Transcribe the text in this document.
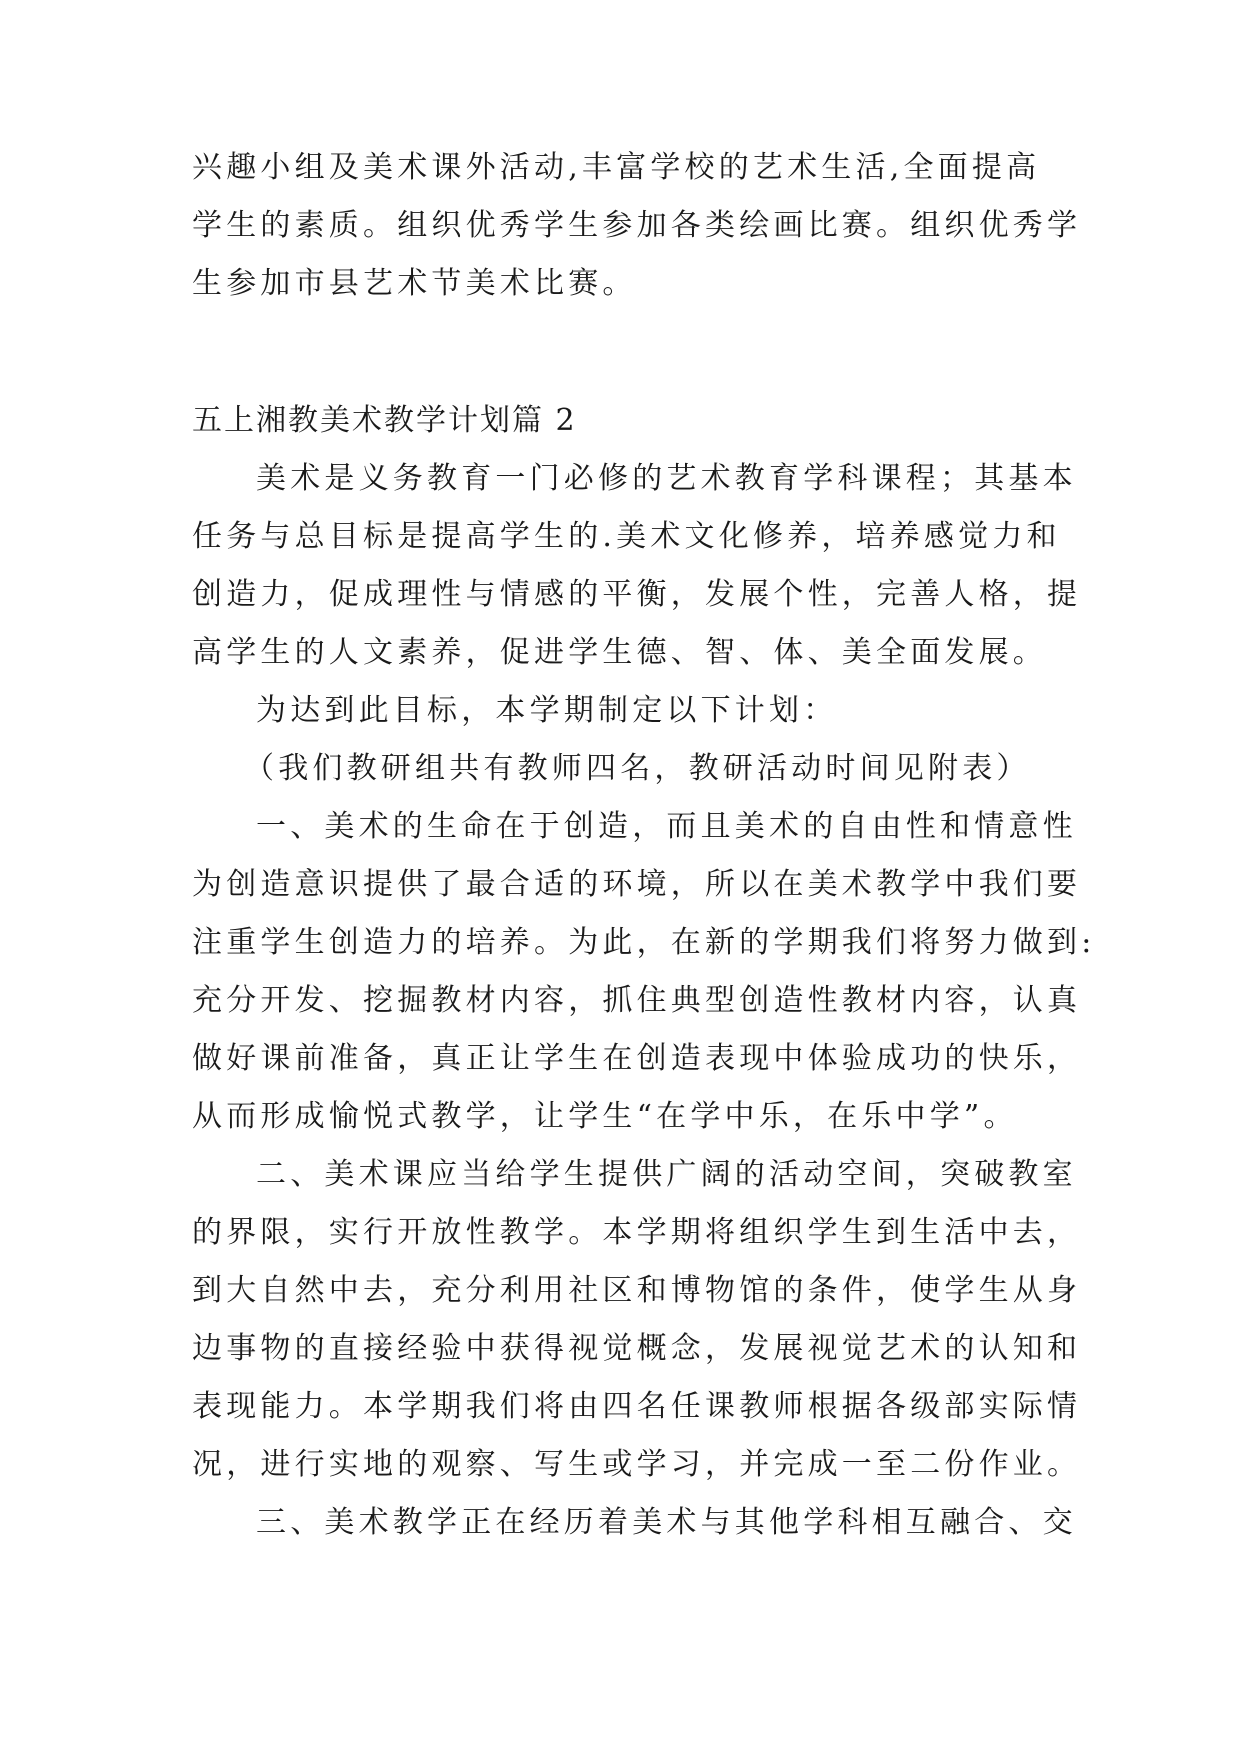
兴趣小组及美术课外活动,丰富学校的艺术生活,全面提高
学生的素质。组织优秀学生参加各类绘画比赛。组织优秀学
生参加市县艺术节美术比赛。
五上湘教美术教学计划篇 2
美术是义务教育一门必修的艺术教育学科课程；其基本
任务与总目标是提高学生的.美术文化修养，培养感觉力和
创造力，促成理性与情感的平衡，发展个性，完善人格，提
高学生的人文素养，促进学生德、智、体、美全面发展。
为达到此目标，本学期制定以下计划：
（我们教研组共有教师四名，教研活动时间见附表）
一、美术的生命在于创造，而且美术的自由性和情意性
为创造意识提供了最合适的环境，所以在美术教学中我们要
注重学生创造力的培养。为此，在新的学期我们将努力做到:
充分开发、挖掘教材内容，抓住典型创造性教材内容，认真
做好课前准备，真正让学生在创造表现中体验成功的快乐，
从而形成愉悦式教学，让学生“在学中乐，在乐中学”。
二、美术课应当给学生提供广阔的活动空间，突破教室
的界限，实行开放性教学。本学期将组织学生到生活中去，
到大自然中去，充分利用社区和博物馆的条件，使学生从身
边事物的直接经验中获得视觉概念，发展视觉艺术的认知和
表现能力。本学期我们将由四名任课教师根据各级部实际情
况，进行实地的观察、写生或学习，并完成一至二份作业。
三、美术教学正在经历着美术与其他学科相互融合、交
